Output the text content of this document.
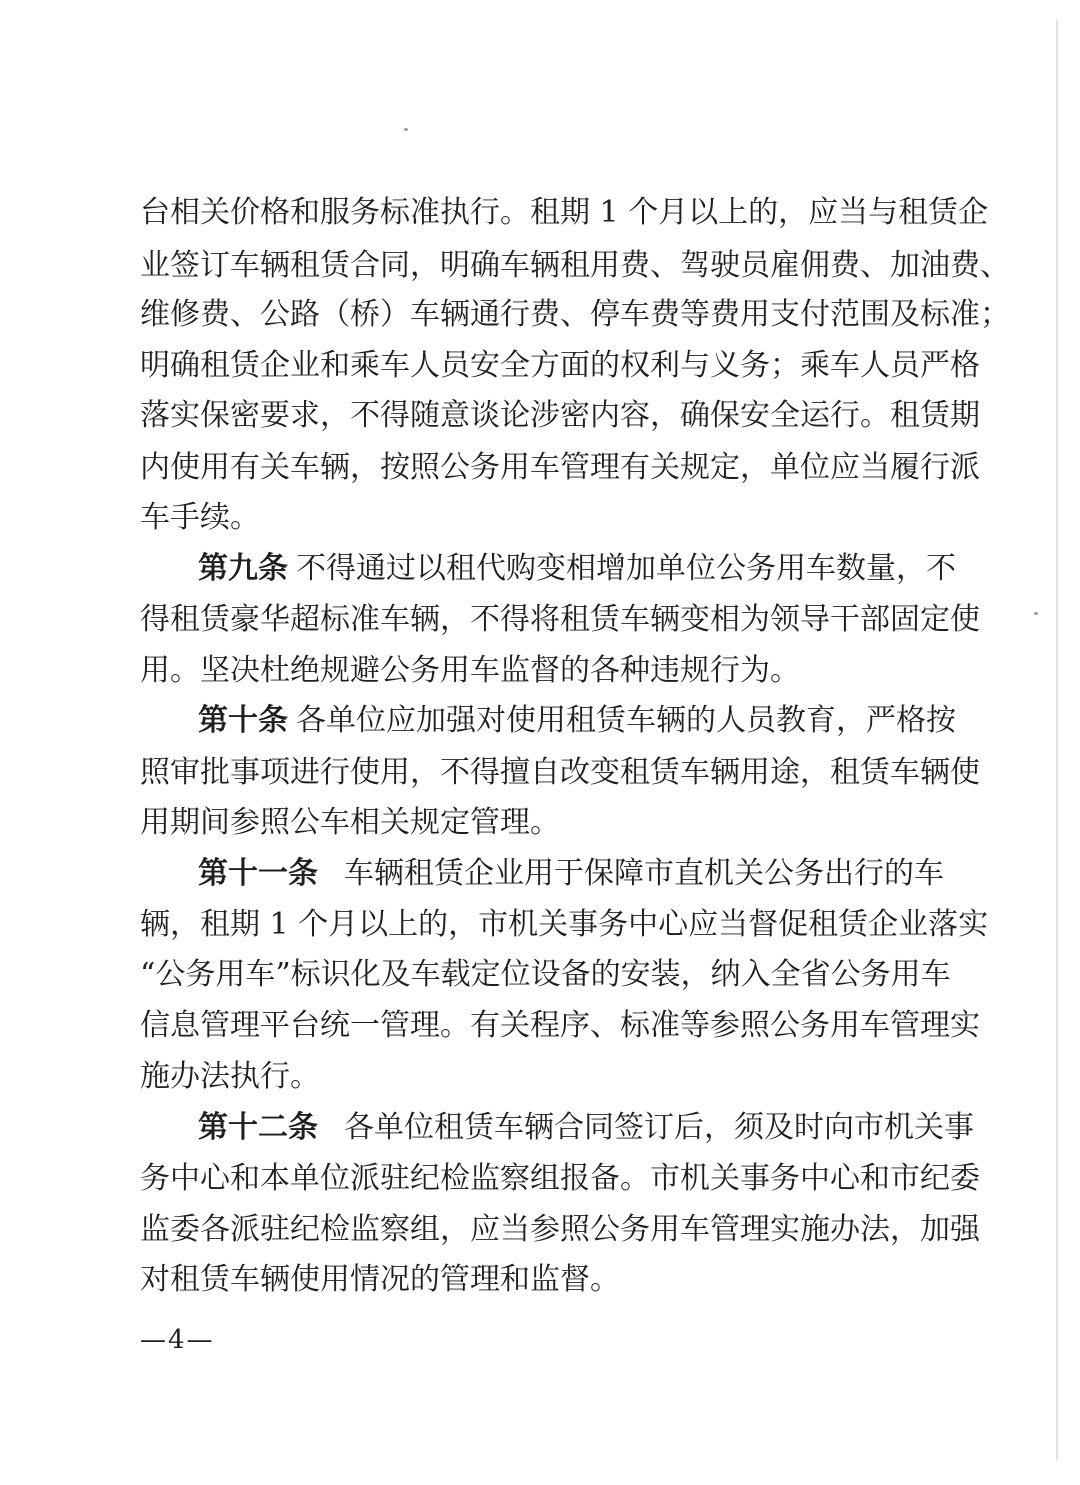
台相关价格和服务标准执行。租期 1 个月以上的，应当与租赁企
业签订车辆租赁合同，明确车辆租用费、驾驶员雇佣费、加油费、
维修费、公路（桥）车辆通行费、停车费等费用支付范围及标准；
明确租赁企业和乘车人员安全方面的权利与义务；乘车人员严格
落实保密要求，不得随意谈论涉密内容，确保安全运行。租赁期
内使用有关车辆，按照公务用车管理有关规定，单位应当履行派
车手续。
第九条 不得通过以租代购变相增加单位公务用车数量，不
得租赁豪华超标准车辆，不得将租赁车辆变相为领导干部固定使
用。坚决杜绝规避公务用车监督的各种违规行为。
第十条 各单位应加强对使用租赁车辆的人员教育，严格按
照审批事项进行使用，不得擅自改变租赁车辆用途，租赁车辆使
用期间参照公车相关规定管理。
第十一条 车辆租赁企业用于保障市直机关公务出行的车
辆，租期 1 个月以上的，市机关事务中心应当督促租赁企业落实
“公务用车”标识化及车载定位设备的安装，纳入全省公务用车
信息管理平台统一管理。有关程序、标准等参照公务用车管理实
施办法执行。
第十二条 各单位租赁车辆合同签订后，须及时向市机关事
务中心和本单位派驻纪检监察组报备。市机关事务中心和市纪委
监委各派驻纪检监察组，应当参照公务用车管理实施办法，加强
对租赁车辆使用情况的管理和监督。
—4—
